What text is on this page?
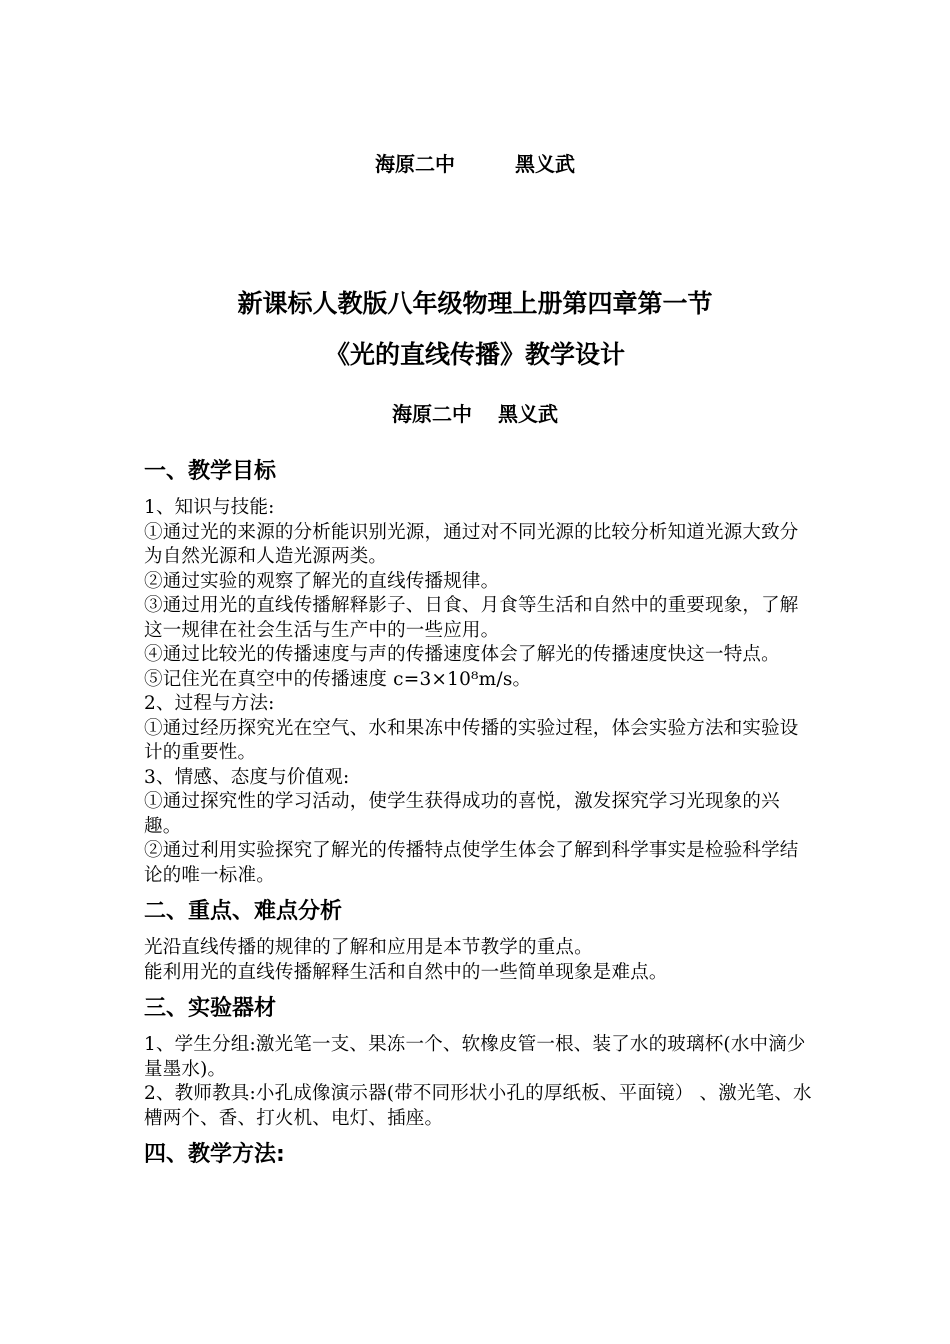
海原二中	黑义武
新课标人教版八年级物理上册第四章第一节
《光的直线传播》教学设计
海原二中 黑义武
一、教学目标

1、知识与技能:

①通过光的来源的分析能识别光源，通过对不同光源的比较分析知道光源大致分为自然光源和人造光源两类。

②通过实验的观察了解光的直线传播规律。

③通过用光的直线传播解释影子、日食、月食等生活和自然中的重要现象，了解这一规律在社会生活与生产中的一些应用。

④通过比较光的传播速度与声的传播速度体会了解光的传播速度快这一特点。

⑤记住光在真空中的传播速度 c=3×10⁸m/s。

2、过程与方法:

①通过经历探究光在空气、水和果冻中传播的实验过程，体会实验方法和实验设计的重要性。

3、情感、态度与价值观:

①通过探究性的学习活动，使学生获得成功的喜悦，激发探究学习光现象的兴趣。

②通过利用实验探究了解光的传播特点使学生体会了解到科学事实是检验科学结论的唯一标准。

二、重点、难点分析

光沿直线传播的规律的了解和应用是本节教学的重点。

能利用光的直线传播解释生活和自然中的一些简单现象是难点。

三、实验器材

1、学生分组:激光笔一支、果冻一个、软橡皮管一根、装了水的玻璃杯(水中滴少量墨水)。

2、教师教具:小孔成像演示器(带不同形状小孔的厚纸板、平面镜） 、激光笔、水槽两个、香、打火机、电灯、插座。

四、教学方法:
